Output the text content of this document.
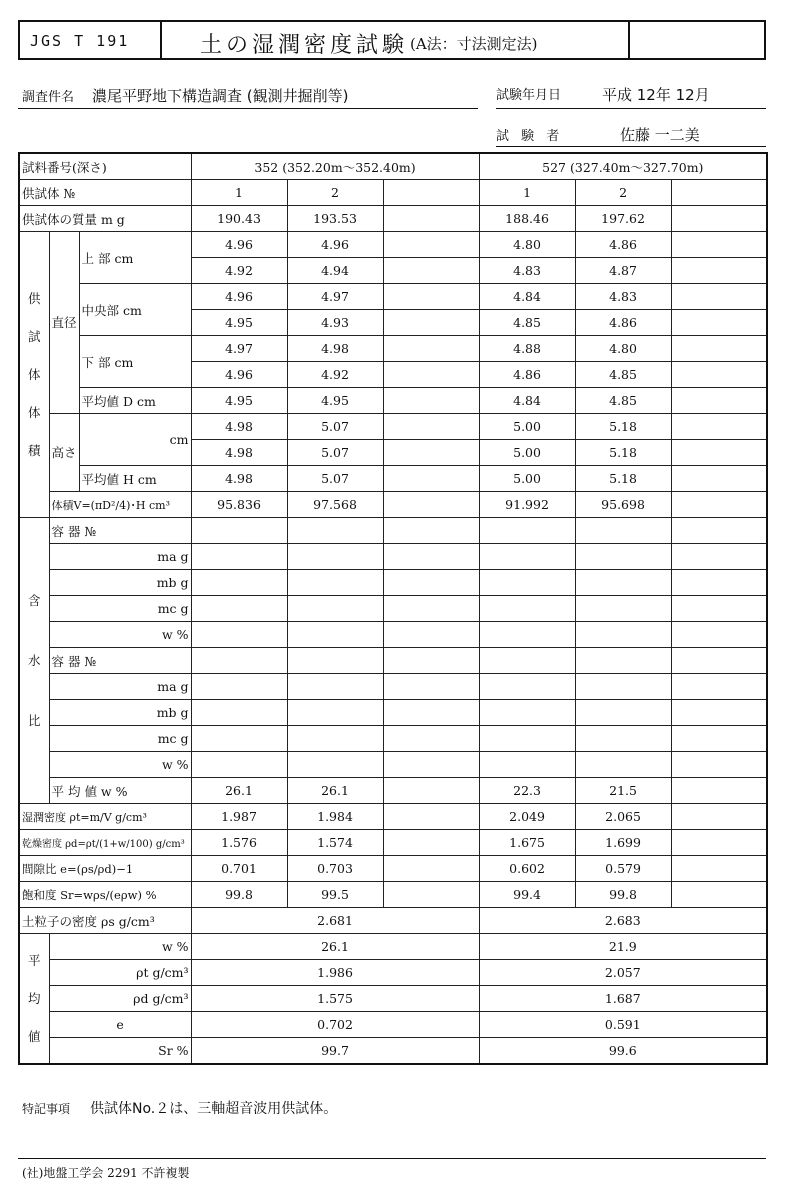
JGS T 191	土の湿潤密度試験 (A法：寸法測定法)
調査件名 濃尾平野地下構造調査 (観測井掘削等)	試験年月日	平成 12年 12月
試 験 者	佐藤 一二美
試料番号(深さ)			352 (352.20m～352.40m)			527 (327.40m～327.70m)		
供試体 №			1	2		1	2	
供試体の質量 m g			190.43	193.53		188.46	197.62	
供試体体積	直径	上 部 cm	4.96	4.96		4.80	4.86	
			4.92	4.94		4.83	4.87	
		中央部 cm	4.96	4.97		4.84	4.83	
			4.95	4.93		4.85	4.86	
		下 部 cm	4.97	4.98		4.88	4.80	
			4.96	4.92		4.86	4.85	
		平均値 D cm	4.95	4.95		4.84	4.85	
	高さ	cm	4.98	5.07		5.00	5.18	
			4.98	5.07		5.00	5.18	
		平均値 H cm	4.98	5.07		5.00	5.18	
	体積V=(πD²/4)･H cm³		95.836	97.568		91.992	95.698	
含水比	容 器 №							
	ma g							
	mb g							
	mc g							
	w %							
	容 器 №							
	ma g							
	mb g							
	mc g							
	w %							
	平 均 値 w %		26.1	26.1		22.3	21.5	
湿潤密度 ρt=m/V g/cm³			1.987	1.984		2.049	2.065	
乾燥密度 ρd=ρt/(1+w/100) g/cm³			1.576	1.574		1.675	1.699	
間隙比 e=(ρs/ρd)−1			0.701	0.703		0.602	0.579	
飽和度 Sr=wρs/(eρw) %			99.8	99.5		99.4	99.8	
土粒子の密度 ρs g/cm³			2.681			2.683		
平均値	w %		26.1			21.9		
	ρt g/cm³		1.986			2.057		
	ρd g/cm³		1.575			1.687		
	e		0.702			0.591		
	Sr %		99.7			99.6		
特記事項 供試体No.２は、三軸超音波用供試体。
(社)地盤工学会 2291 不許複製
